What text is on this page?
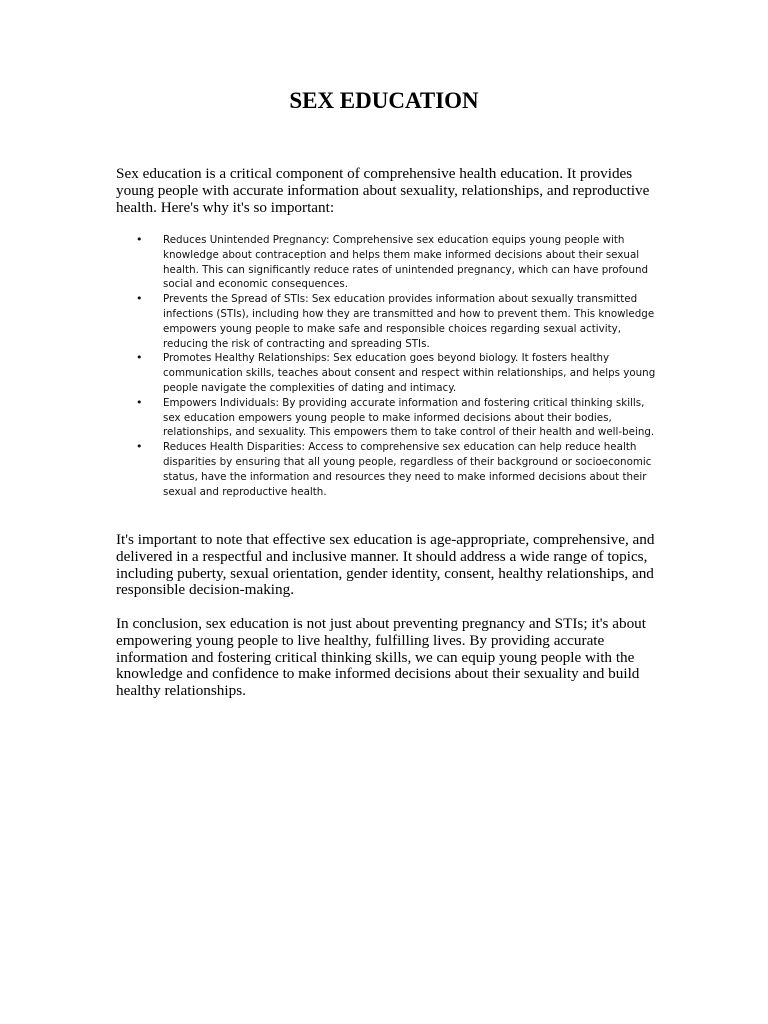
SEX EDUCATION

Sex education is a critical component of comprehensive health education. It provides young people with accurate information about sexuality, relationships, and reproductive health. Here's why it's so important:

•	Reduces Unintended Pregnancy: Comprehensive sex education equips young people with knowledge about contraception and helps them make informed decisions about their sexual health. This can significantly reduce rates of unintended pregnancy, which can have profound social and economic consequences.
•	Prevents the Spread of STIs: Sex education provides information about sexually transmitted infections (STIs), including how they are transmitted and how to prevent them. This knowledge empowers young people to make safe and responsible choices regarding sexual activity, reducing the risk of contracting and spreading STIs.
•	Promotes Healthy Relationships: Sex education goes beyond biology. It fosters healthy communication skills, teaches about consent and respect within relationships, and helps young people navigate the complexities of dating and intimacy.
•	Empowers Individuals: By providing accurate information and fostering critical thinking skills, sex education empowers young people to make informed decisions about their bodies, relationships, and sexuality. This empowers them to take control of their health and well-being.
•	Reduces Health Disparities: Access to comprehensive sex education can help reduce health disparities by ensuring that all young people, regardless of their background or socioeconomic status, have the information and resources they need to make informed decisions about their sexual and reproductive health.

It's important to note that effective sex education is age-appropriate, comprehensive, and delivered in a respectful and inclusive manner. It should address a wide range of topics, including puberty, sexual orientation, gender identity, consent, healthy relationships, and responsible decision-making.

In conclusion, sex education is not just about preventing pregnancy and STIs; it's about empowering young people to live healthy, fulfilling lives. By providing accurate information and fostering critical thinking skills, we can equip young people with the knowledge and confidence to make informed decisions about their sexuality and build healthy relationships.
